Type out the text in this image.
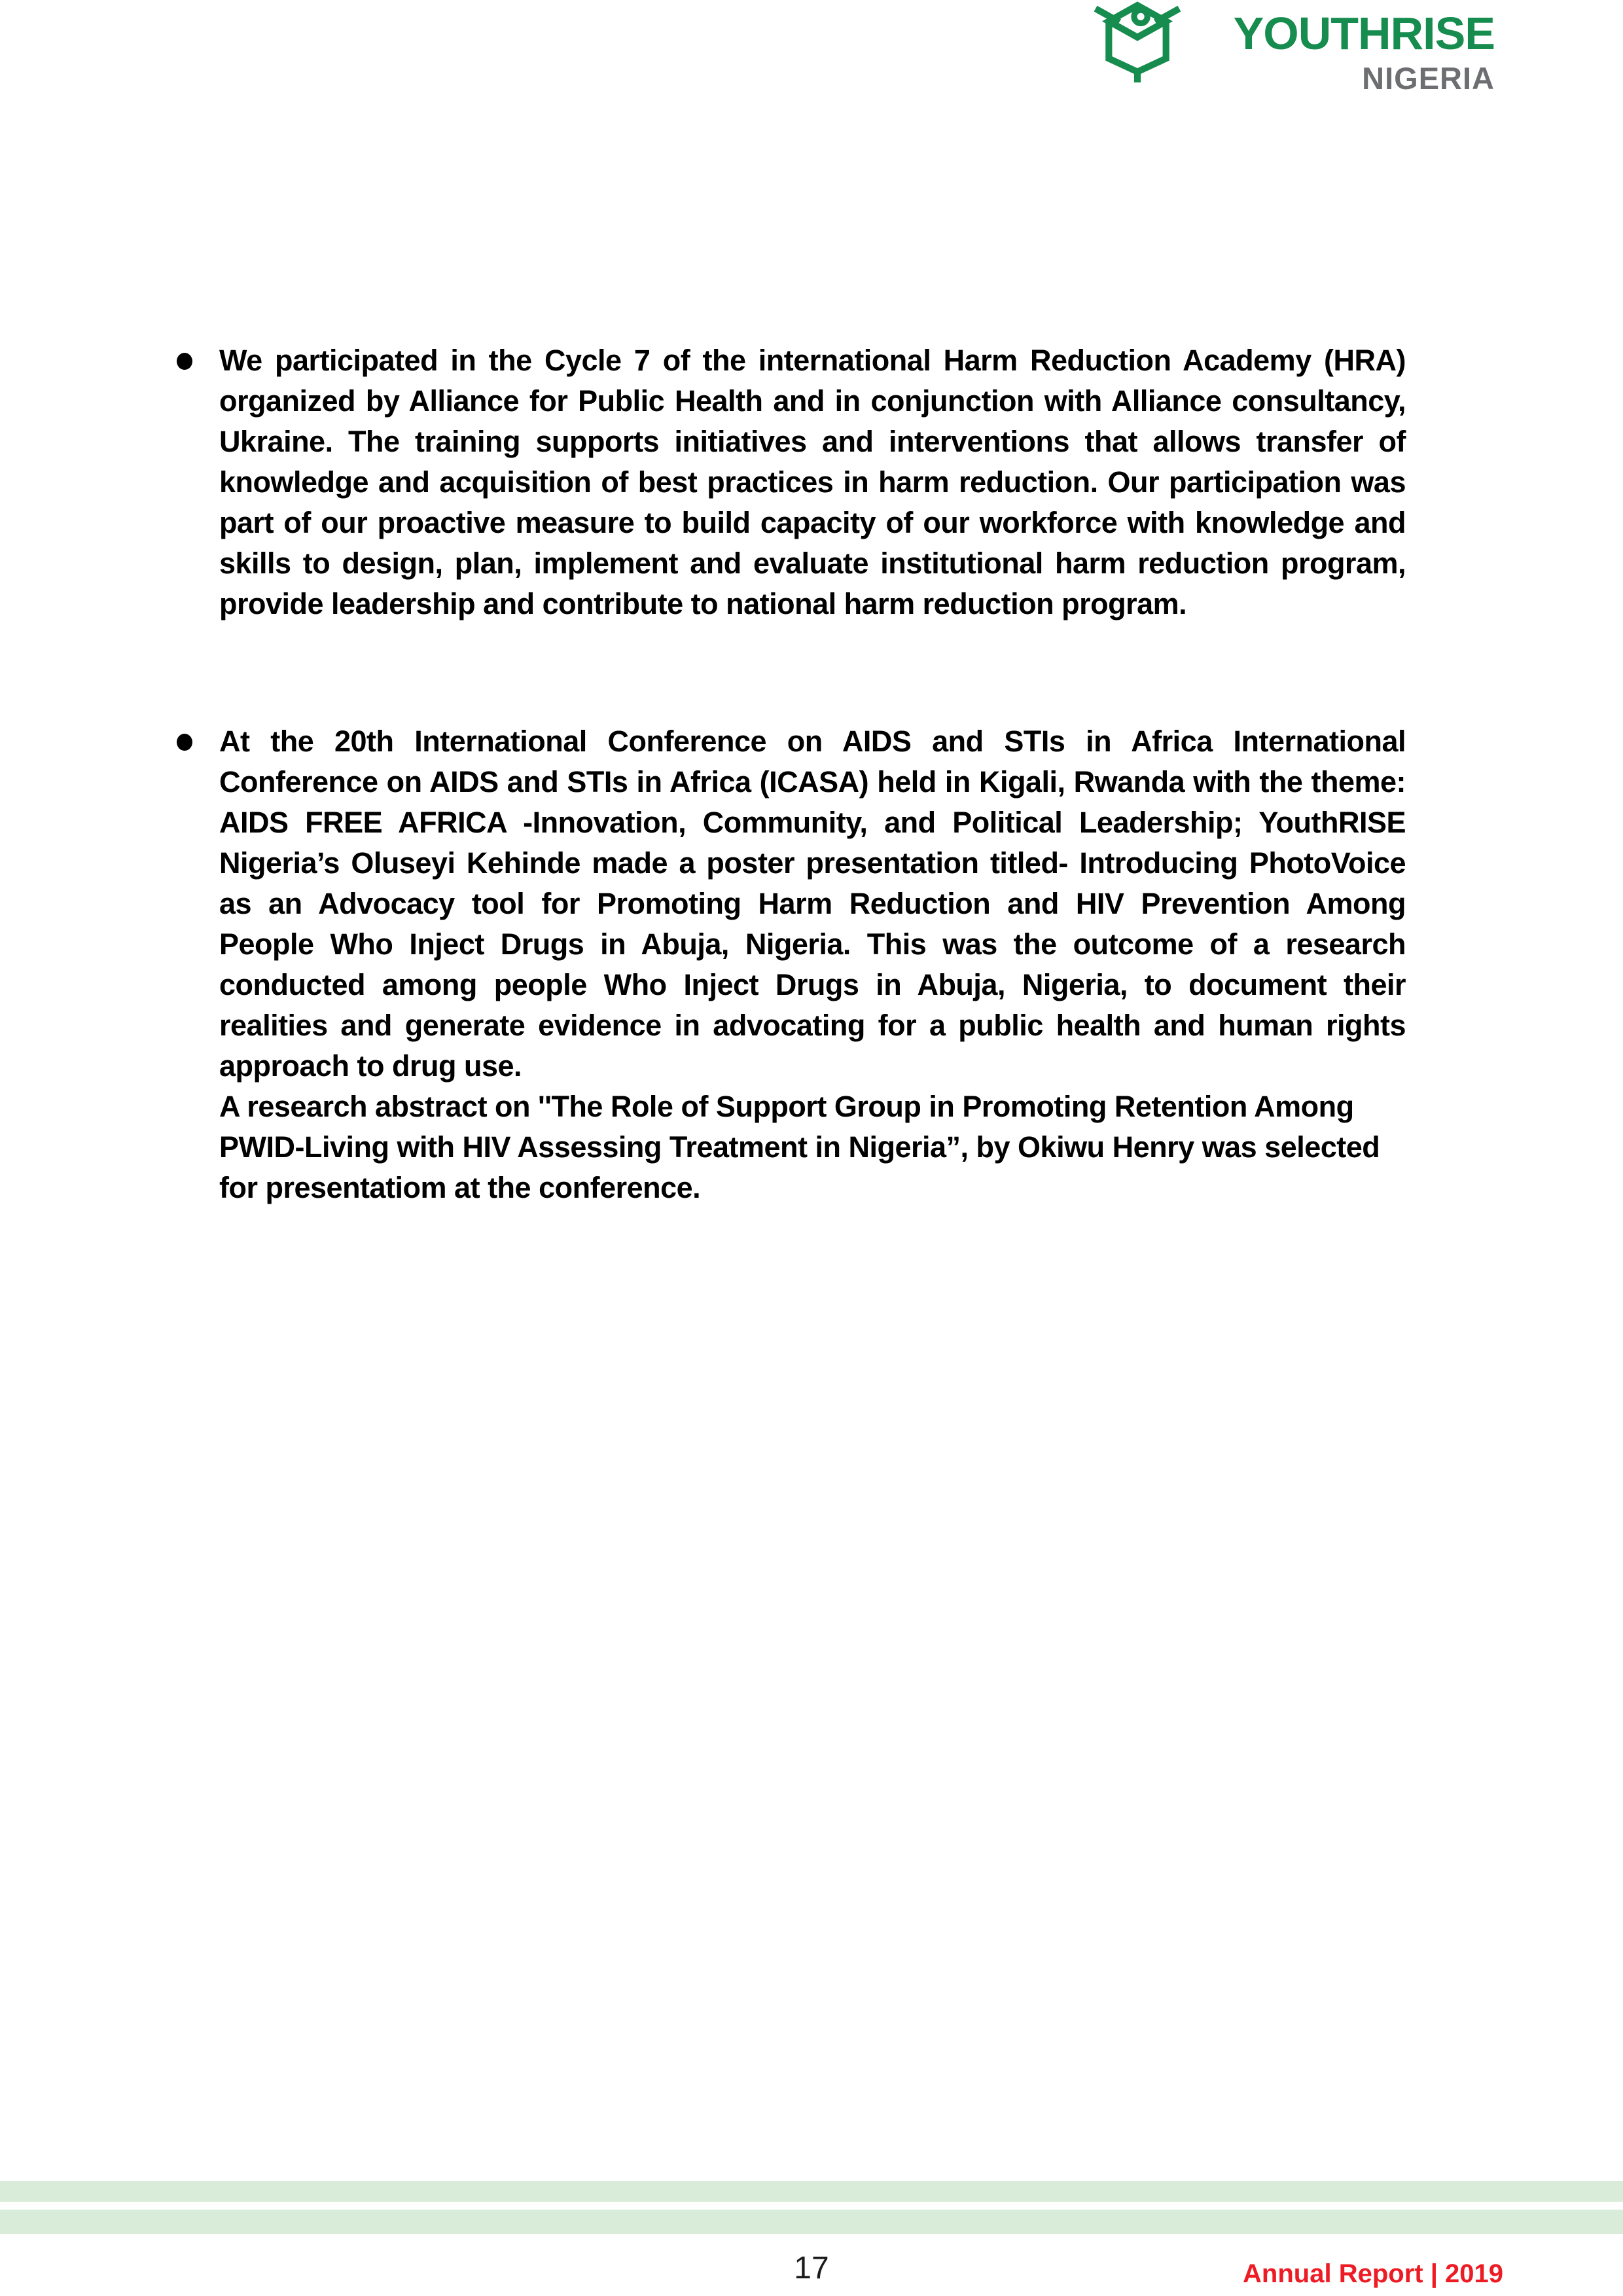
YOUTHRISE
NIGERIA

We participated in the Cycle 7 of the international Harm Reduction Academy (HRA) organized by Alliance for Public Health and in conjunction with Alliance consultancy, Ukraine. The training supports initiatives and interventions that allows transfer of knowledge and acquisition of best practices in harm reduction. Our participation was part of our proactive measure to build capacity of our workforce with knowledge and skills to design, plan, implement and evaluate institutional harm reduction program, provide leadership and contribute to national harm reduction program.

At the 20th International Conference on AIDS and STIs in Africa International Conference on AIDS and STIs in Africa (ICASA) held in Kigali, Rwanda with the theme: AIDS FREE AFRICA -Innovation, Community, and Political Leadership; YouthRISE Nigeria’s Oluseyi Kehinde made a poster presentation titled- Introducing PhotoVoice as an Advocacy tool for Promoting Harm Reduction and HIV Prevention Among People Who Inject Drugs in Abuja, Nigeria. This was the outcome of a research conducted among people Who Inject Drugs in Abuja, Nigeria, to document their realities and generate evidence in advocating for a public health and human rights approach to drug use.

A research abstract on ''The Role of Support Group in Promoting Retention Among PWID-Living with HIV Assessing Treatment in Nigeria”, by Okiwu Henry was selected for presentatiom at the conference.

17	Annual Report | 2019
